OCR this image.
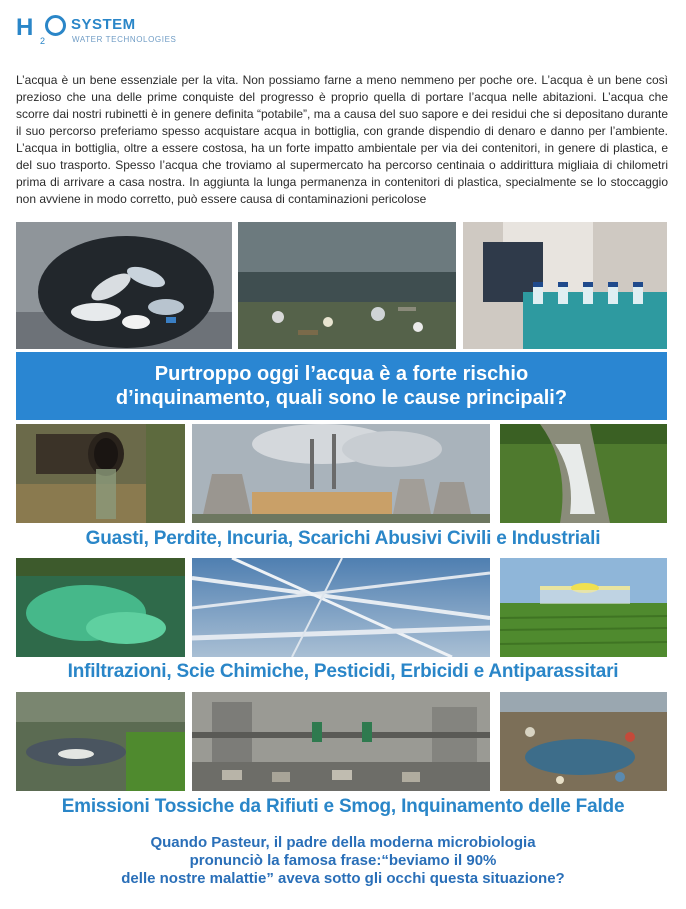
H 2
SYSTEM
WATER TECHNOLOGIES

L’acqua è un bene essenziale per la vita. Non possiamo farne a meno nemmeno per poche ore. L’acqua è un bene così prezioso che una delle prime conquiste del progresso è proprio quella di portare l’acqua nelle abitazioni. L’acqua che scorre dai nostri rubinetti è in genere definita “potabile”, ma a causa del suo sapore e dei residui che si depositano durante il suo percorso preferiamo spesso acquistare acqua in bottiglia, con grande dispendio di denaro e danno per l’ambiente. L’acqua in bottiglia, oltre a essere costosa, ha un forte impatto ambientale per via dei contenitori, in genere di plastica, e del suo trasporto. Spesso l’acqua che troviamo al supermercato ha percorso centinaia o addirittura migliaia di chilometri prima di arrivare a casa nostra. In aggiunta la lunga permanenza in contenitori di plastica, specialmente se lo stoccaggio non avviene in modo corretto, può essere causa di contaminazioni pericolose

Purtroppo oggi l’acqua è a forte rischio
d’inquinamento, quali sono le cause principali?
Guasti, Perdite, Incuria, Scarichi Abusivi Civili e Industriali
Infiltrazioni, Scie Chimiche, Pesticidi, Erbicidi e Antiparassitari
Emissioni Tossiche da Rifiuti e Smog, Inquinamento delle Falde
Quando Pasteur, il padre della moderna microbiologia
pronunciò la famosa frase:“beviamo il 90%
delle nostre malattie” aveva sotto gli occhi questa situazione?
